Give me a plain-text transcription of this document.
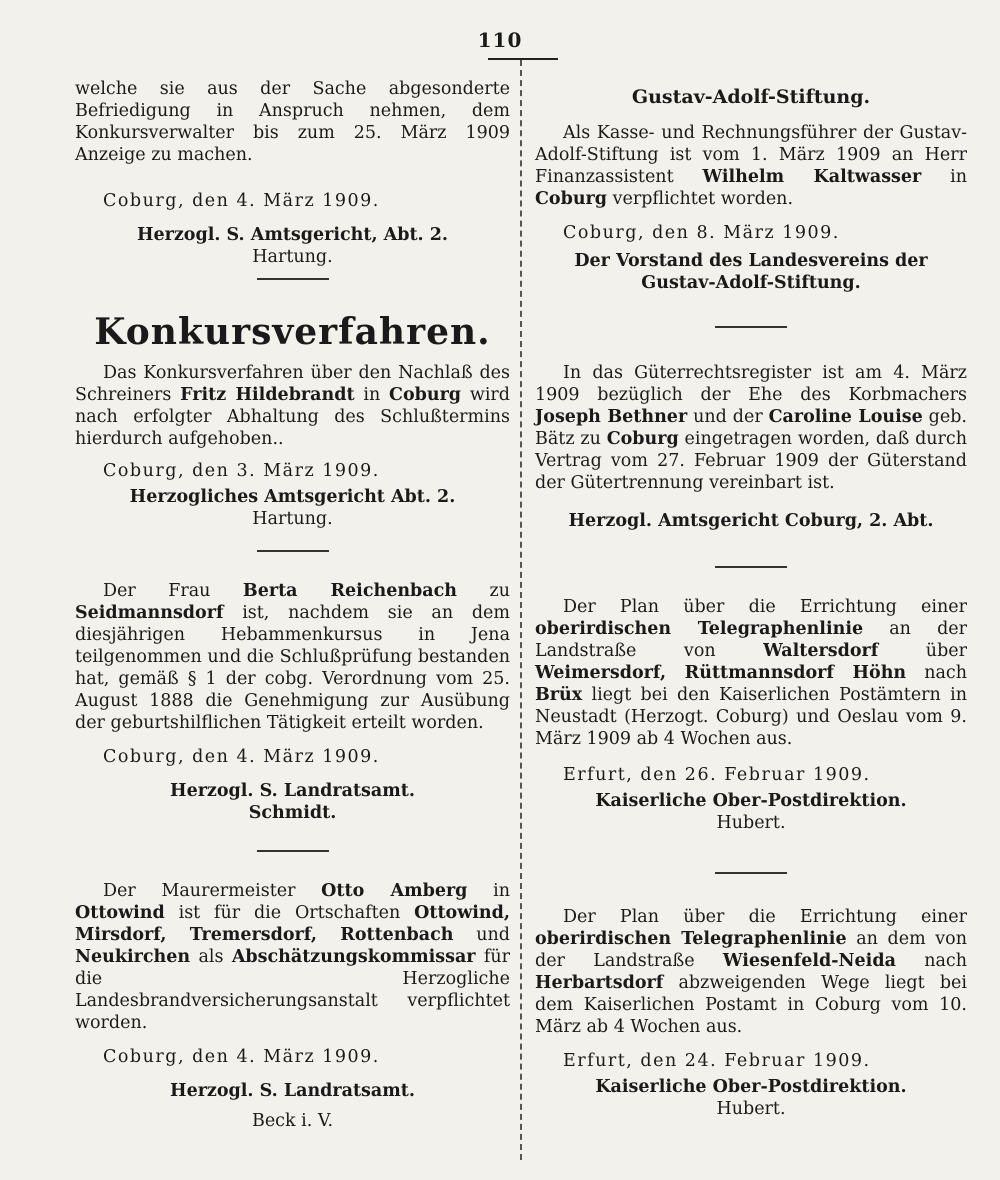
110

welche sie aus der Sache abgesonderte Befriedigung in Anspruch nehmen, dem Konkursverwalter bis zum 25. März 1909 Anzeige zu machen.

Coburg, den 4. März 1909.

Herzogl. S. Amtsgericht, Abt. 2.

Hartung.

Konkursverfahren.

Das Konkursverfahren über den Nachlaß des Schreiners Fritz Hildebrandt in Coburg wird nach erfolgter Abhaltung des Schlußtermins hierdurch aufgehoben..

Coburg, den 3. März 1909.

Herzogliches Amtsgericht Abt. 2.

Hartung.

Der Frau Berta Reichenbach zu Seidmannsdorf ist, nachdem sie an dem diesjährigen Hebammenkursus in Jena teilgenommen und die Schlußprüfung bestanden hat, gemäß § 1 der cobg. Verordnung vom 25. August 1888 die Genehmigung zur Ausübung der geburtshilflichen Tätigkeit erteilt worden.

Coburg, den 4. März 1909.

Herzogl. S. Landratsamt.

Schmidt.

Der Maurermeister Otto Amberg in Ottowind ist für die Ortschaften Ottowind, Mirsdorf, Tremersdorf, Rottenbach und Neukirchen als Abschätzungskommissar für die Herzogliche Landesbrandversicherungsanstalt verpflichtet worden.

Coburg, den 4. März 1909.

Herzogl. S. Landratsamt.

Beck i. V.

Gustav-Adolf-Stiftung.

Als Kasse- und Rechnungsführer der Gustav-Adolf-Stiftung ist vom 1. März 1909 an Herr Finanzassistent Wilhelm Kaltwasser in Coburg verpflichtet worden.

Coburg, den 8. März 1909.

Der Vorstand des Landesvereins der

Gustav-Adolf-Stiftung.

In das Güterrechtsregister ist am 4. März 1909 bezüglich der Ehe des Korbmachers Joseph Bethner und der Caroline Louise geb. Bätz zu Coburg eingetragen worden, daß durch Vertrag vom 27. Februar 1909 der Güterstand der Gütertrennung vereinbart ist.

Herzogl. Amtsgericht Coburg, 2. Abt.

Der Plan über die Errichtung einer oberirdischen Telegraphenlinie an der Landstraße von Waltersdorf über Weimersdorf, Rüttmannsdorf Höhn nach Brüx liegt bei den Kaiserlichen Postämtern in Neustadt (Herzogt. Coburg) und Oeslau vom 9. März 1909 ab 4 Wochen aus.

Erfurt, den 26. Februar 1909.

Kaiserliche Ober-Postdirektion.

Hubert.

Der Plan über die Errichtung einer oberirdischen Telegraphenlinie an dem von der Landstraße Wiesenfeld-Neida nach Herbartsdorf abzweigenden Wege liegt bei dem Kaiserlichen Postamt in Coburg vom 10. März ab 4 Wochen aus.

Erfurt, den 24. Februar 1909.

Kaiserliche Ober-Postdirektion.

Hubert.
